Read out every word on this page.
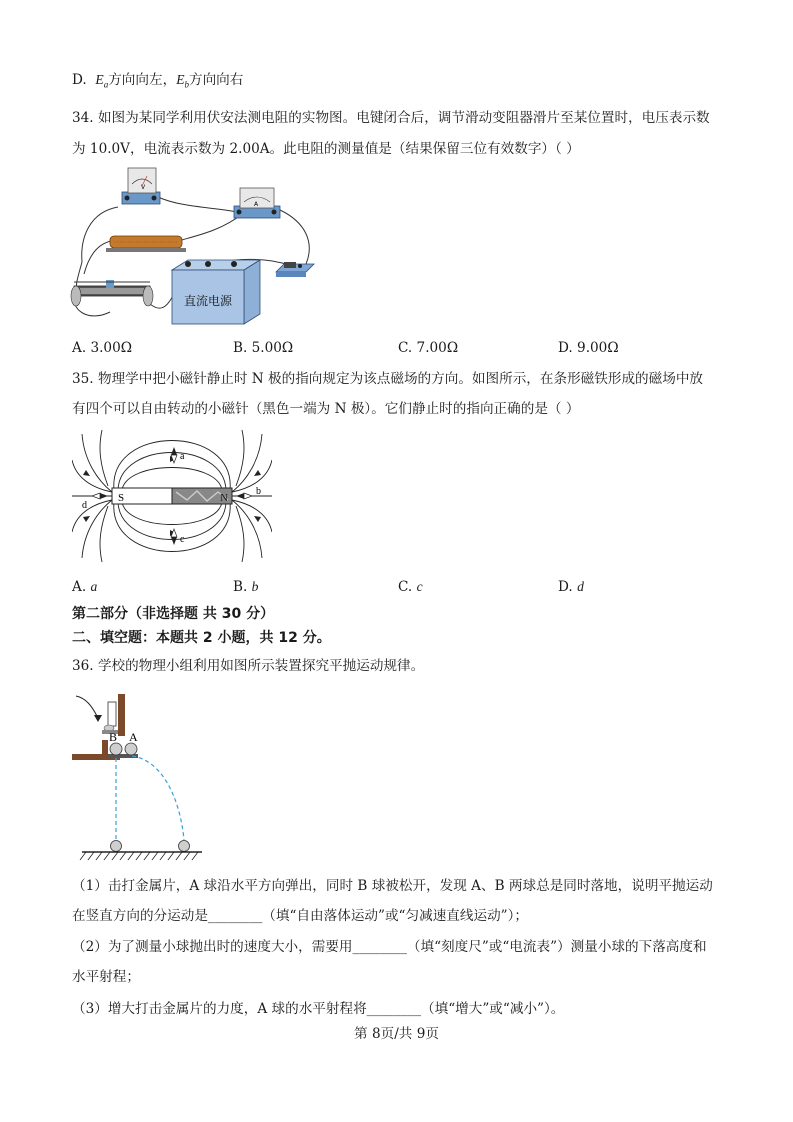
D. $E_a$方向向左，$E_b$方向向右
34. 如图为某同学利用伏安法测电阻的实物图。电键闭合后，调节滑动变阻器滑片至某位置时，电压表示数
为 10.0V，电流表示数为 2.00A。此电阻的测量值是（结果保留三位有效数字）（ ）
V
A
直流电源
A. 3.00Ω	B. 5.00Ω	C. 7.00Ω	D. 9.00Ω
35. 物理学中把小磁针静止时 N 极的指向规定为该点磁场的方向。如图所示，在条形磁铁形成的磁场中放
有四个可以自由转动的小磁针（黑色一端为 N 极）。它们静止时的指向正确的是（ ）
S	N
a
c
d
b
A. a	B. b	C. c	D. d
第二部分（非选择题 共 30 分）
二、填空题：本题共 2 小题，共 12 分。
36. 学校的物理小组利用如图所示装置探究平抛运动规律。
B A
（1）击打金属片，A 球沿水平方向弹出，同时 B 球被松开，发现 A、B 两球总是同时落地，说明平抛运动
在竖直方向的分运动是________（填“自由落体运动”或“匀减速直线运动”）；
（2）为了测量小球抛出时的速度大小，需要用________（填“刻度尺”或“电流表”）测量小球的下落高度和
水平射程；
（3）增大打击金属片的力度，A 球的水平射程将________（填“增大”或“减小”）。
第 8页/共 9页
